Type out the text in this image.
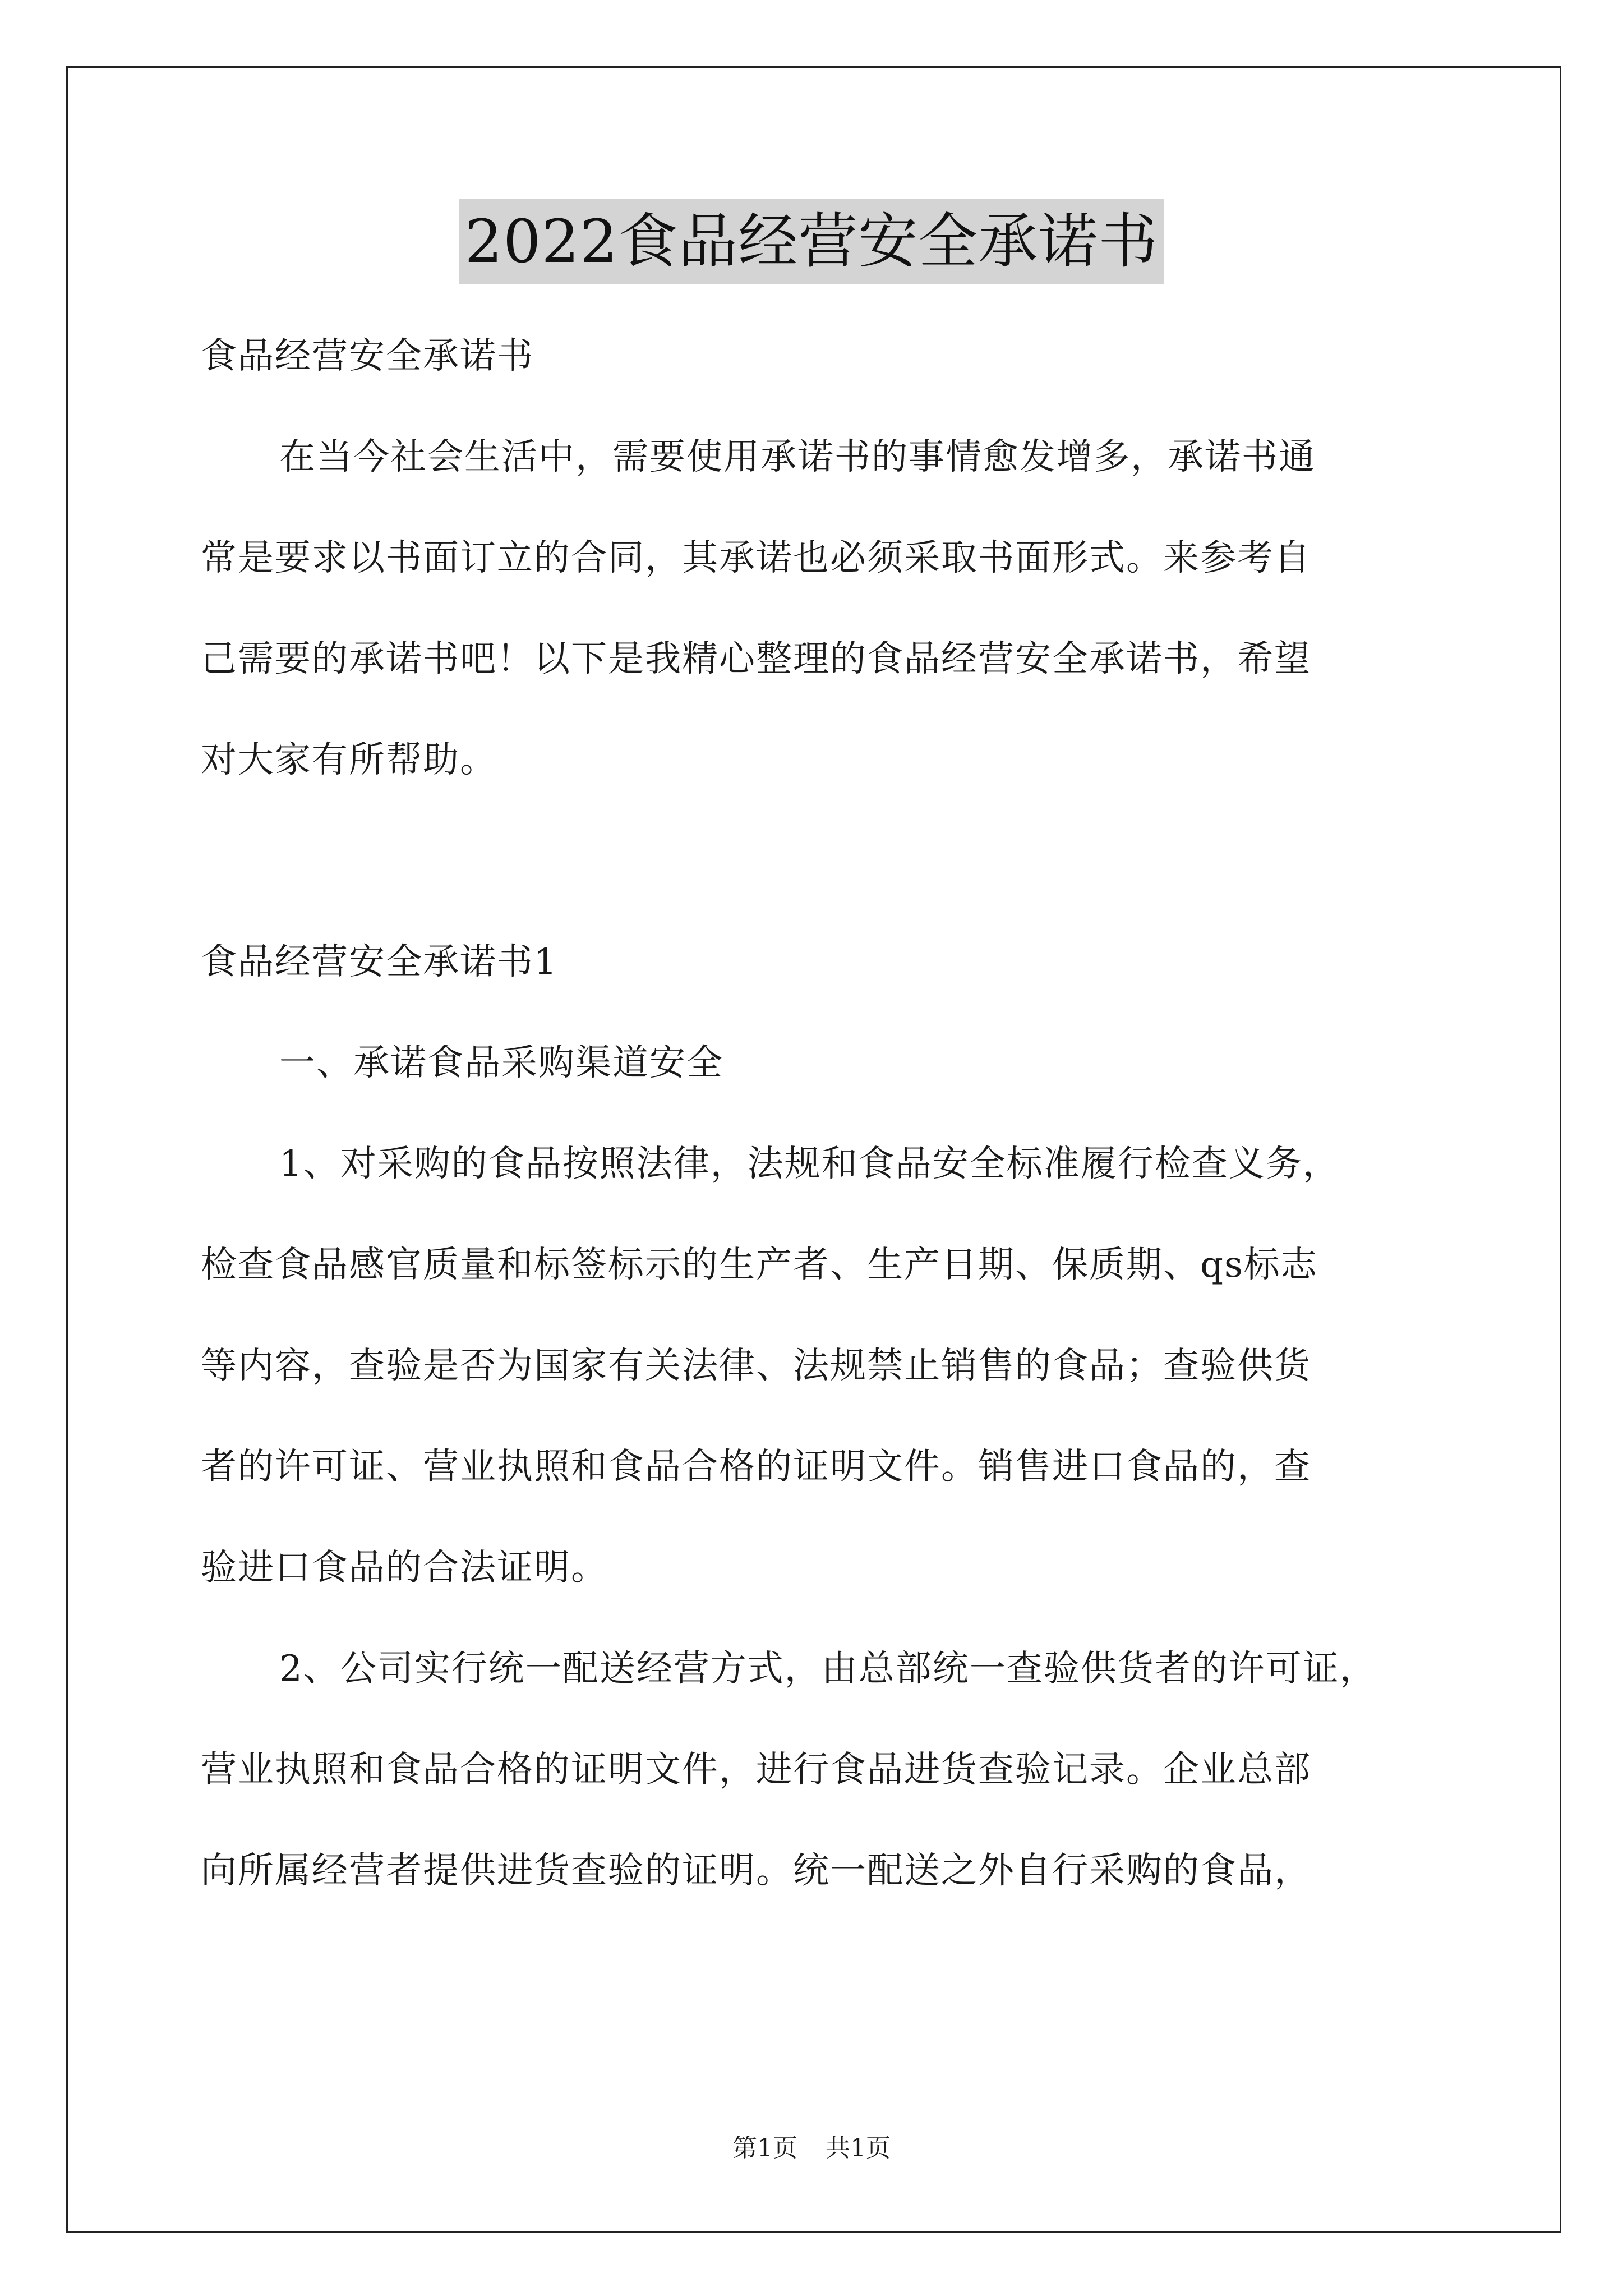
2022食品经营安全承诺书
食品经营安全承诺书
在当今社会生活中，需要使用承诺书的事情愈发增多，承诺书通
常是要求以书面订立的合同，其承诺也必须采取书面形式。来参考自
己需要的承诺书吧！以下是我精心整理的食品经营安全承诺书，希望
对大家有所帮助。
食品经营安全承诺书1
一、承诺食品采购渠道安全
1、对采购的食品按照法律，法规和食品安全标准履行检查义务，
检查食品感官质量和标签标示的生产者、生产日期、保质期、qs标志
等内容，查验是否为国家有关法律、法规禁止销售的食品；查验供货
者的许可证、营业执照和食品合格的证明文件。销售进口食品的，查
验进口食品的合法证明。
2、公司实行统一配送经营方式，由总部统一查验供货者的许可证，
营业执照和食品合格的证明文件，进行食品进货查验记录。企业总部
向所属经营者提供进货查验的证明。统一配送之外自行采购的食品，
第1页 共1页
